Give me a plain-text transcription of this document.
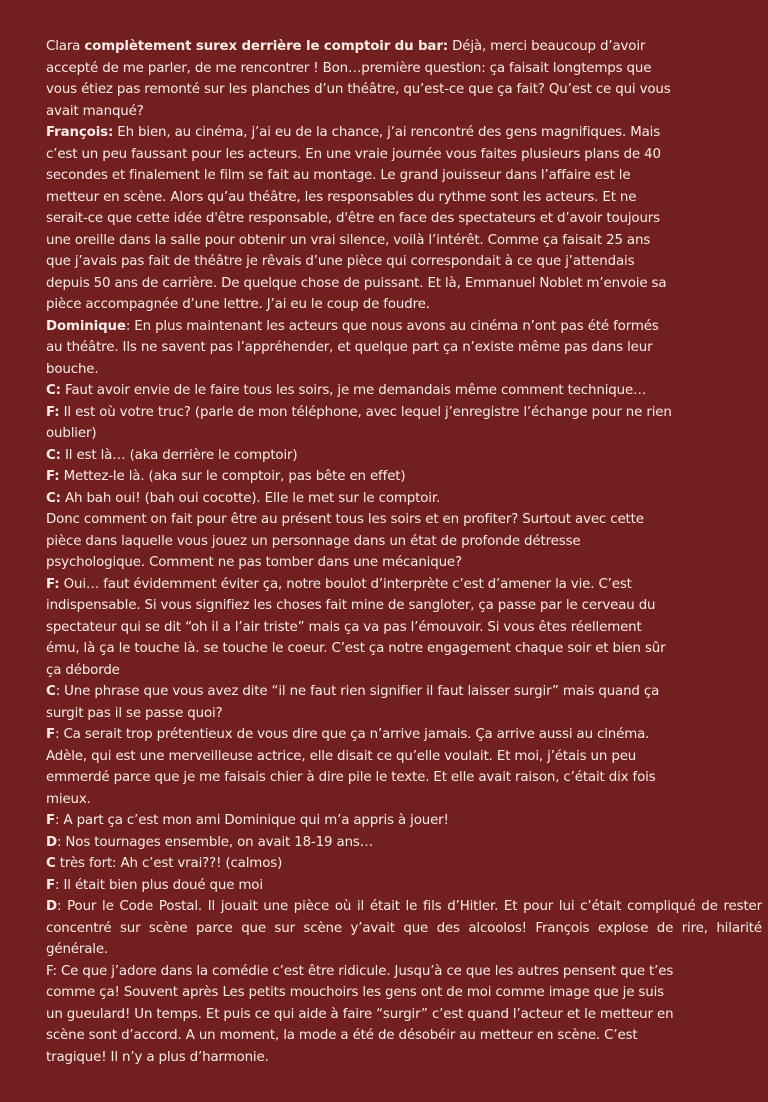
Clara complètement surex derrière le comptoir du bar: Déjà, merci beaucoup d’avoir accepté de me parler, de me rencontrer ! Bon…première question: ça faisait longtemps que vous étiez pas remonté sur les planches d’un théâtre, qu’est-ce que ça fait? Qu’est ce qui vous avait manqué?

François: Eh bien, au cinéma, j’ai eu de la chance, j’ai rencontré des gens magnifiques. Mais c’est un peu faussant pour les acteurs. En une vraie journée vous faites plusieurs plans de 40 secondes et finalement le film se fait au montage. Le grand jouisseur dans l’affaire est le metteur en scène. Alors qu’au théâtre, les responsables du rythme sont les acteurs. Et ne serait-ce que cette idée d'être responsable, d'être en face des spectateurs et d’avoir toujours une oreille dans la salle pour obtenir un vrai silence, voilà l’intérêt. Comme ça faisait 25 ans que j’avais pas fait de théâtre je rêvais d’une pièce qui correspondait à ce que j’attendais depuis 50 ans de carrière. De quelque chose de puissant. Et là, Emmanuel Noblet m’envoie sa pièce accompagnée d’une lettre. J’ai eu le coup de foudre.

Dominique: En plus maintenant les acteurs que nous avons au cinéma n’ont pas été formés au théâtre. Ils ne savent pas l’appréhender, et quelque part ça n’existe même pas dans leur bouche.

C: Faut avoir envie de le faire tous les soirs, je me demandais même comment technique…

F: Il est où votre truc? (parle de mon téléphone, avec lequel j’enregistre l’échange pour ne rien oublier)

C: Il est là… (aka derrière le comptoir)

F: Mettez-le là. (aka sur le comptoir, pas bête en effet)

C: Ah bah oui! (bah oui cocotte). Elle le met sur le comptoir.

Donc comment on fait pour être au présent tous les soirs et en profiter? Surtout avec cette pièce dans laquelle vous jouez un personnage dans un état de profonde détresse psychologique. Comment ne pas tomber dans une mécanique?

F: Oui… faut évidemment éviter ça, notre boulot d’interprète c’est d’amener la vie. C’est indispensable. Si vous signifiez les choses fait mine de sangloter, ça passe par le cerveau du spectateur qui se dit “oh il a l’air triste” mais ça va pas l’émouvoir. Si vous êtes réellement ému, là ça le touche là. se touche le coeur. C’est ça notre engagement chaque soir et bien sûr ça déborde

C: Une phrase que vous avez dite “il ne faut rien signifier il faut laisser surgir” mais quand ça surgit pas il se passe quoi?

F: Ca serait trop prétentieux de vous dire que ça n’arrive jamais. Ça arrive aussi au cinéma. Adèle, qui est une merveilleuse actrice, elle disait ce qu’elle voulait. Et moi, j’étais un peu emmerdé parce que je me faisais chier à dire pile le texte. Et elle avait raison, c’était dix fois mieux.

F: A part ça c’est mon ami Dominique qui m’a appris à jouer!

D: Nos tournages ensemble, on avait 18-19 ans…

C très fort: Ah c’est vrai??! (calmos)

F: Il était bien plus doué que moi

D: Pour le Code Postal. Il jouait une pièce où il était le fils d’Hitler. Et pour lui c’était compliqué de rester concentré sur scène parce que sur scène y’avait que des alcoolos! François explose de rire, hilarité générale.

F: Ce que j’adore dans la comédie c’est être ridicule. Jusqu’à ce que les autres pensent que t’es comme ça! Souvent après Les petits mouchoirs les gens ont de moi comme image que je suis un gueulard! Un temps. Et puis ce qui aide à faire “surgir” c’est quand l’acteur et le metteur en scène sont d’accord. A un moment, la mode a été de désobéir au metteur en scène. C’est tragique! Il n’y a plus d’harmonie.
